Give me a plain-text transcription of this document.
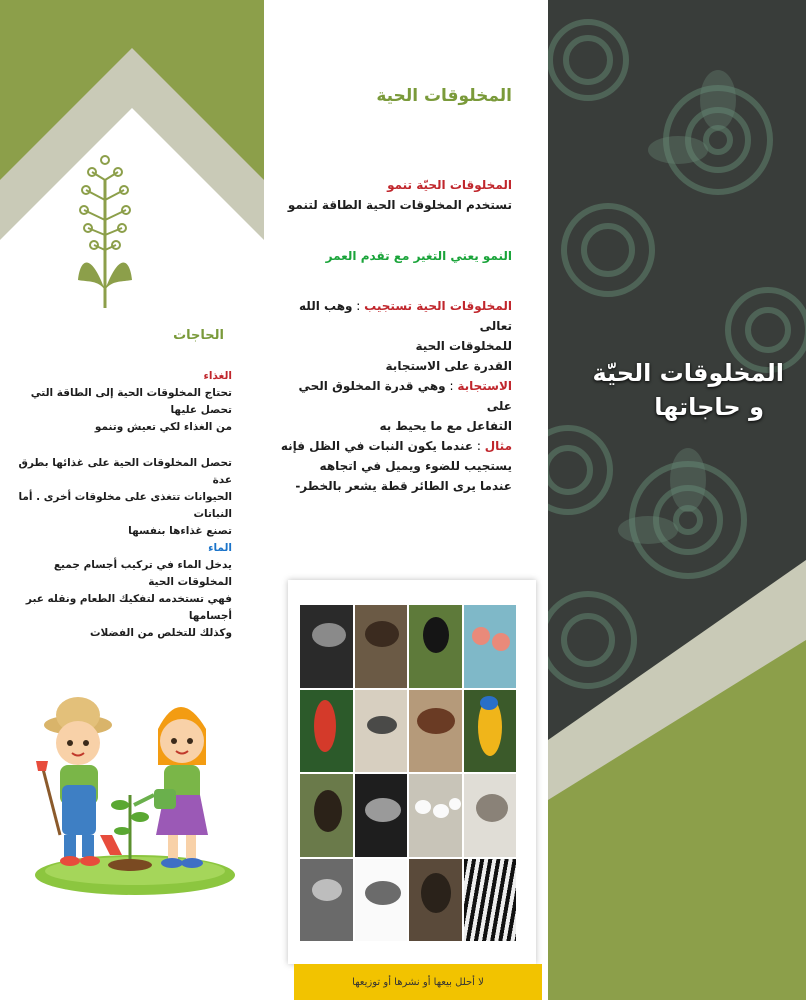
الحاجات
الغذاء
تحتاج المخلوقات الحية إلى الطاقة التي تحصل عليها
من الغذاء لكي تعيش وتنمو
تحصل المخلوقات الحية على غذائها بطرق عدة
الحيوانات تتغذى على مخلوقات أخرى . أما النباتات
تصنع غذاءها بنفسها
الماء
يدخل الماء في تركيب أجسام جميع المخلوقات الحية
فهي تستخدمه لتفكيك الطعام ونقله عبر أجسامها
وكذلك للتخلص من الفضلات
المخلوقات الحية
المخلوقات الحيّة تنمو
تستخدم المخلوقات الحية الطاقة لتنمو
النمو يعني التغير مع تقدم العمر
المخلوقات الحية تستجيب : وهب الله تعالى
للمخلوقات الحية
القدرة على الاستجابة
الاستجابة : وهي قدرة المخلوق الحي على
التفاعل مع ما يحيط به
مثال : عندما يكون النبات في الظل فإنه
يستجيب للضوء ويميل في اتجاهه
عندما يرى الطائر قطة يشعر بالخطر-
لا أحلل بيعها أو نشرها أو توزيعها
المخلوقات الحيّة
و حاجاتها
